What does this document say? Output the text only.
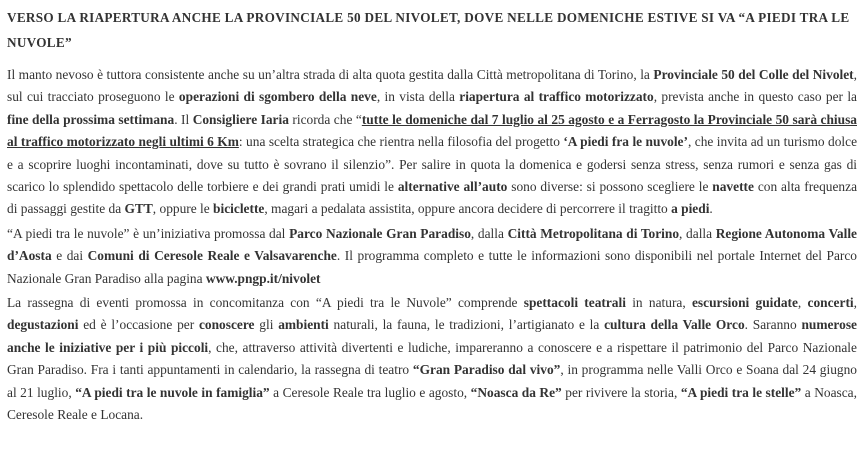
VERSO LA RIAPERTURA ANCHE LA PROVINCIALE 50 DEL NIVOLET, DOVE NELLE DOMENICHE ESTIVE SI VA “A PIEDI TRA LE NUVOLE”

Il manto nevoso è tuttora consistente anche su un’altra strada di alta quota gestita dalla Città metropolitana di Torino, la Provinciale 50 del Colle del Nivolet, sul cui tracciato proseguono le operazioni di sgombero della neve, in vista della riapertura al traffico motorizzato, prevista anche in questo caso per la fine della prossima settimana. Il Consigliere Iaria ricorda che “tutte le domeniche dal 7 luglio al 25 agosto e a Ferragosto la Provinciale 50 sarà chiusa al traffico motorizzato negli ultimi 6 Km: una scelta strategica che rientra nella filosofia del progetto ‘A piedi fra le nuvole’, che invita ad un turismo dolce e a scoprire luoghi incontaminati, dove su tutto è sovrano il silenzio”. Per salire in quota la domenica e godersi senza stress, senza rumori e senza gas di scarico lo splendido spettacolo delle torbiere e dei grandi prati umidi le alternative all’auto sono diverse: si possono scegliere le navette con alta frequenza di passaggi gestite da GTT, oppure le biciclette, magari a pedalata assistita, oppure ancora decidere di percorrere il tragitto a piedi.

“A piedi tra le nuvole” è un’iniziativa promossa dal Parco Nazionale Gran Paradiso, dalla Città Metropolitana di Torino, dalla Regione Autonoma Valle d’Aosta e dai Comuni di Ceresole Reale e Valsavarenche. Il programma completo e tutte le informazioni sono disponibili nel portale Internet del Parco Nazionale Gran Paradiso alla pagina www.pngp.it/nivolet

La rassegna di eventi promossa in concomitanza con “A piedi tra le Nuvole” comprende spettacoli teatrali in natura, escursioni guidate, concerti, degustazioni ed è l’occasione per conoscere gli ambienti naturali, la fauna, le tradizioni, l’artigianato e la cultura della Valle Orco. Saranno numerose anche le iniziative per i più piccoli, che, attraverso attività divertenti e ludiche, impareranno a conoscere e a rispettare il patrimonio del Parco Nazionale Gran Paradiso. Fra i tanti appuntamenti in calendario, la rassegna di teatro “Gran Paradiso dal vivo”, in programma nelle Valli Orco e Soana dal 24 giugno al 21 luglio, “A piedi tra le nuvole in famiglia” a Ceresole Reale tra luglio e agosto, “Noasca da Re” per rivivere la storia, “A piedi tra le stelle” a Noasca, Ceresole Reale e Locana.
